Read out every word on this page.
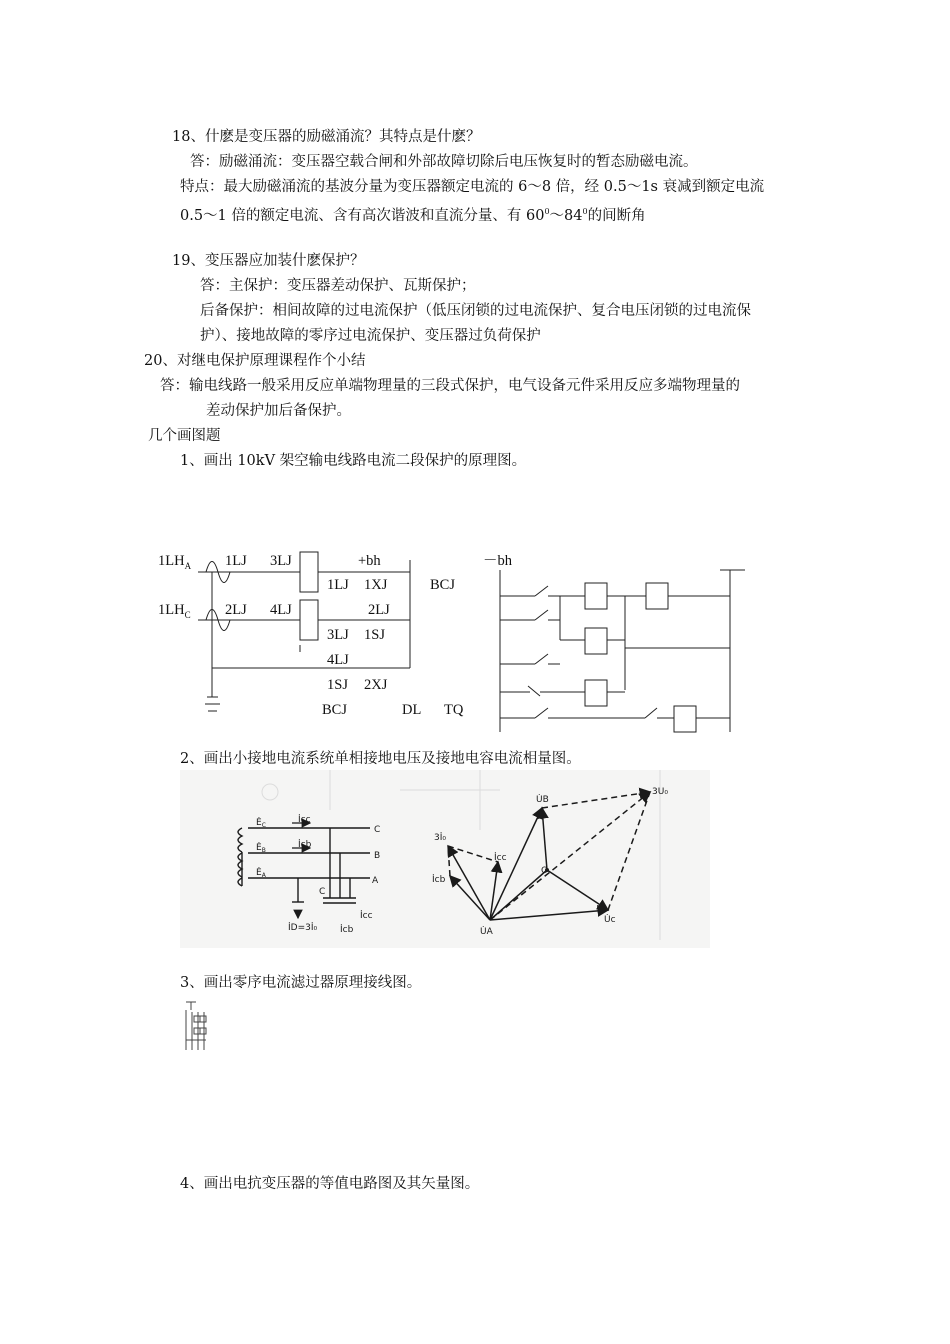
18、什麽是变压器的励磁涌流？其特点是什麽？
答：励磁涌流：变压器空载合闸和外部故障切除后电压恢复时的暂态励磁电流。
特点：最大励磁涌流的基波分量为变压器额定电流的 6～8 倍，经 0.5～1s 衰减到额定电流
0.5～1 倍的额定电流、含有高次谐波和直流分量、有 $60^0\sim 84^0$的间断角
19、变压器应加装什麽保护？
答：主保护：变压器差动保护、瓦斯保护；
后备保护：相间故障的过电流保护（低压闭锁的过电流保护、复合电压闭锁的过电流保
护）、接地故障的零序过电流保护、变压器过负荷保护
20、对继电保护原理课程作个小结
答：输电线路一般采用反应单端物理量的三段式保护，电气设备元件采用反应多端物理量的
差动保护加后备保护。
几个画图题
1、画出 10kV 架空输电线路电流二段保护的原理图。
$1LH_A$ 1LJ 3LJ	+bh	－bh
1LJ 1XJ	BCJ
$1LH_C$ 2LJ 4LJ	2LJ
3LJ 1SJ
4LJ
1SJ 2XJ
BCJ	DL TQ
2、画出小接地电流系统单相接地电压及接地电容电流相量图。
$Ė_C$
$Ė_B$
$Ė_A$
İcc
İcb
C
B
A
C
İD=3İ₀	İcb
İcc
U̇B
3U₀
3İ₀
İcc
O
İcb
U̇c
U̇A
3、画出零序电流滤过器原理接线图。
4、画出电抗变压器的等值电路图及其矢量图。
